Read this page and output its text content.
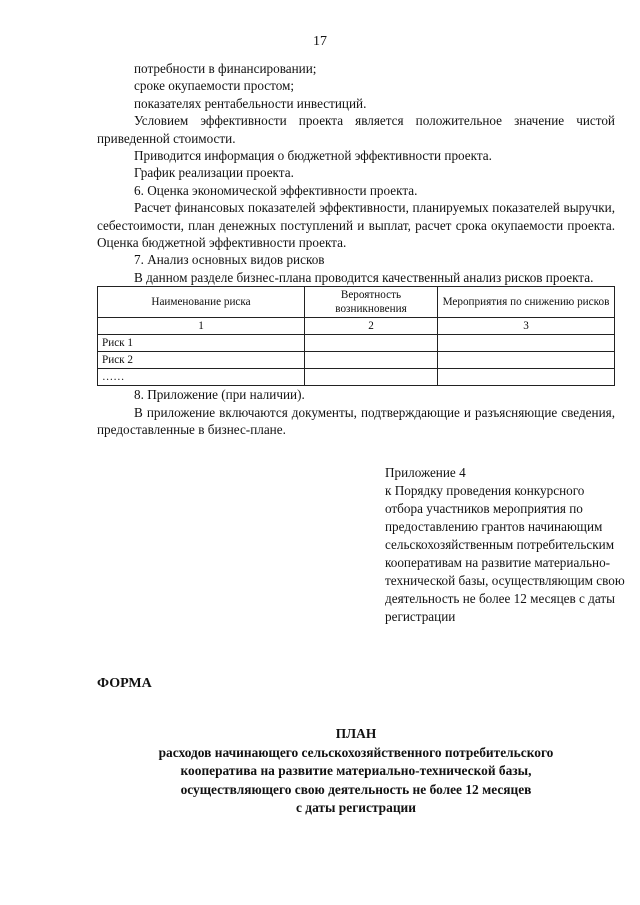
17

потребности в финансировании;

сроке окупаемости простом;

показателях рентабельности инвестиций.

Условием эффективности проекта является положительное значение чистой приведенной стоимости.

Приводится информация о бюджетной эффективности проекта.

График реализации проекта.

6. Оценка экономической эффективности проекта.

Расчет финансовых показателей эффективности, планируемых показателей выручки, себестоимости, план денежных поступлений и выплат, расчет срока окупаемости проекта. Оценка бюджетной эффективности проекта.

7. Анализ основных видов рисков

В данном разделе бизнес-плана проводится качественный анализ рисков проекта.

Наименование риска	Вероятность возникновения	Мероприятия по снижению рисков
1	2	3
Риск 1		
Риск 2		
……		

8. Приложение (при наличии).

В приложение включаются документы, подтверждающие и разъясняющие сведения, предоставленные в бизнес-плане.

Приложение 4
к Порядку проведения конкурсного отбора участников мероприятия по предоставлению грантов начинающим сельскохозяйственным потребительским кооперативам на развитие материально-технической базы, осуществляющим свою деятельность не более 12 месяцев с даты регистрации
ФОРМА
ПЛАН
расходов начинающего сельскохозяйственного потребительского
кооператива на развитие материально-технической базы,
осуществляющего свою деятельность не более 12 месяцев
с даты регистрации
